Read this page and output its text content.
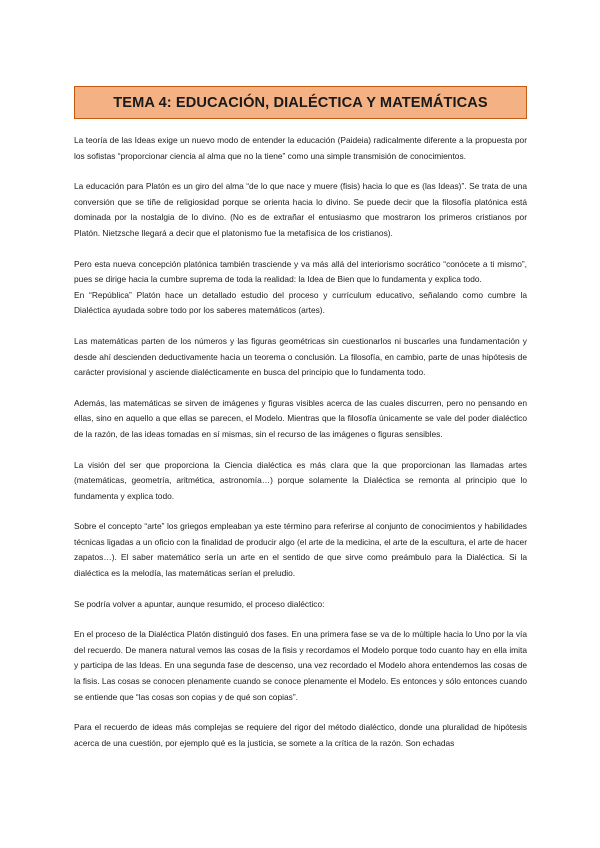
TEMA 4: EDUCACIÓN, DIALÉCTICA Y MATEMÁTICAS

La teoría de las Ideas exige un nuevo modo de entender la educación (Paideia) radicalmente diferente a la propuesta por los sofistas “proporcionar ciencia al alma que no la tiene” como una simple transmisión de conocimientos.

La educación para Platón es un giro del alma “de lo que nace y muere (fisis) hacia lo que es (las Ideas)”. Se trata de una conversión que se tiñe de religiosidad porque se orienta hacia lo divino. Se puede decir que la filosofía platónica está dominada por la nostalgia de lo divino. (No es de extrañar el entusiasmo que mostraron los primeros cristianos por Platón. Nietzsche llegará a decir que el platonismo fue la metafísica de los cristianos).

Pero esta nueva concepción platónica también trasciende y va más allá del interiorismo socrático “conócete a ti mismo”, pues se dirige hacia la cumbre suprema de toda la realidad: la Idea de Bien que lo fundamenta y explica todo.

En “República” Platón hace un detallado estudio del proceso y currículum educativo, señalando como cumbre la Dialéctica ayudada sobre todo por los saberes matemáticos (artes).

Las matemáticas parten de los números y las figuras geométricas sin cuestionarlos ni buscarles una fundamentación y desde ahí descienden deductivamente hacia un teorema o conclusión. La filosofía, en cambio, parte de unas hipótesis de carácter provisional y asciende dialécticamente en busca del principio que lo fundamenta todo.

Además, las matemáticas se sirven de imágenes y figuras visibles acerca de las cuales discurren, pero no pensando en ellas, sino en aquello a que ellas se parecen, el Modelo. Mientras que la filosofía únicamente se vale del poder dialéctico de la razón, de las ideas tomadas en sí mismas, sin el recurso de las imágenes o figuras sensibles.

La visión del ser que proporciona la Ciencia dialéctica es más clara que la que proporcionan las llamadas artes (matemáticas, geometría, aritmética, astronomía…) porque solamente la Dialéctica se remonta al principio que lo fundamenta y explica todo.

Sobre el concepto “arte” los griegos empleaban ya este término para referirse al conjunto de conocimientos y habilidades técnicas ligadas a un oficio con la finalidad de producir algo (el arte de la medicina, el arte de la escultura, el arte de hacer zapatos…). El saber matemático sería un arte en el sentido de que sirve como preámbulo para la Dialéctica. Si la dialéctica es la melodía, las matemáticas serían el preludio.

Se podría volver a apuntar, aunque resumido, el proceso dialéctico:

En el proceso de la Dialéctica Platón distinguió dos fases. En una primera fase se va de lo múltiple hacia lo Uno por la vía del recuerdo. De manera natural vemos las cosas de la fisis y recordamos el Modelo porque todo cuanto hay en ella imita y participa de las Ideas. En una segunda fase de descenso, una vez recordado el Modelo ahora entendemos las cosas de la fisis. Las cosas se conocen plenamente cuando se conoce plenamente el Modelo. Es entonces y sólo entonces cuando se entiende que “las cosas son copias y de qué son copias”.

Para el recuerdo de ideas más complejas se requiere del rigor del método dialéctico, donde una pluralidad de hipótesis acerca de una cuestión, por ejemplo qué es la justicia, se somete a la crítica de la razón. Son echadas
